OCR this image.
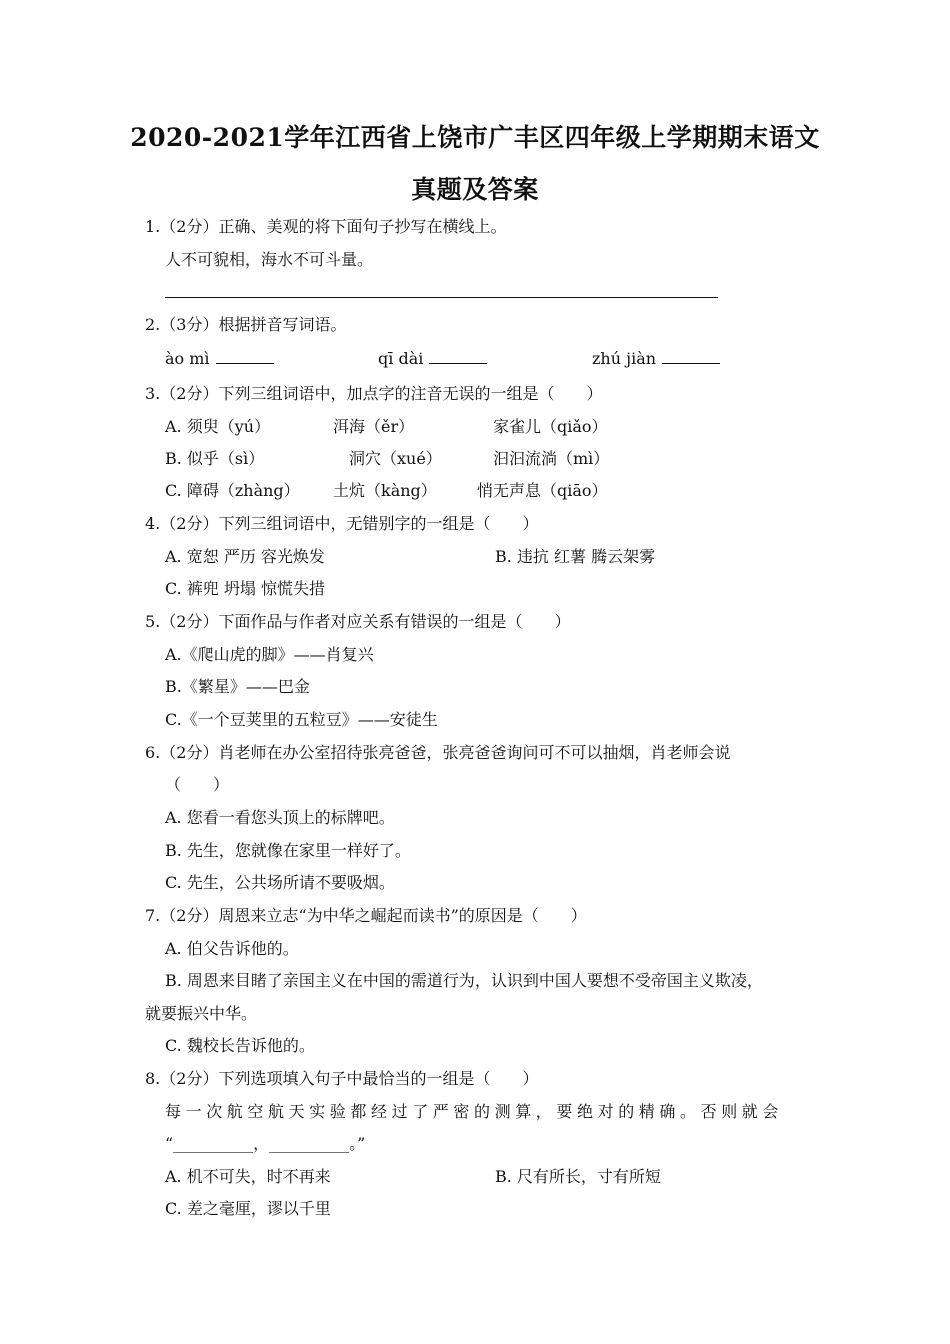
2020-2021学年江西省上饶市广丰区四年级上学期期末语文
真题及答案
1.（2分）正确、美观的将下面句子抄写在横线上。
人不可貌相，海水不可斗量。
2.（3分）根据拼音写词语。
ào mì	qī dài	zhú jiàn
3.（2分）下列三组词语中，加点字的注音无误的一组是（　　）
A. 须臾（yú）	洱海（ěr）	家雀儿（qiǎo）
B. 似乎（sì）	洞穴（xué）	汩汩流淌（mì）
C. 障碍（zhàng） 土炕（kàng）	悄无声息（qiāo）
4.（2分）下列三组词语中，无错别字的一组是（　　）
A. 宽恕 严历 容光焕发	B. 违抗 红薯 腾云架雾
C. 裤兜 坍塌 惊慌失措
5.（2分）下面作品与作者对应关系有错误的一组是（　　）
A.《爬山虎的脚》——肖复兴
B.《繁星》——巴金
C.《一个豆荚里的五粒豆》——安徒生
6.（2分）肖老师在办公室招待张亮爸爸，张亮爸爸询问可不可以抽烟，肖老师会说
（　　）
A. 您看一看您头顶上的标牌吧。
B. 先生，您就像在家里一样好了。
C. 先生，公共场所请不要吸烟。
7.（2分）周恩来立志“为中华之崛起而读书”的原因是（　　）
A. 伯父告诉他的。
B. 周恩来目睹了亲国主义在中国的需道行为，认识到中国人要想不受帝国主义欺凌，
就要振兴中华。
C. 魏校长告诉他的。
8.（2分）下列选项填入句子中最恰当的一组是（　　）
每一次航空航天实验都经过了严密的测算，要绝对的精确。否则就会
“__________，__________。”
A. 机不可失，时不再来	B. 尺有所长，寸有所短
C. 差之毫厘，谬以千里
